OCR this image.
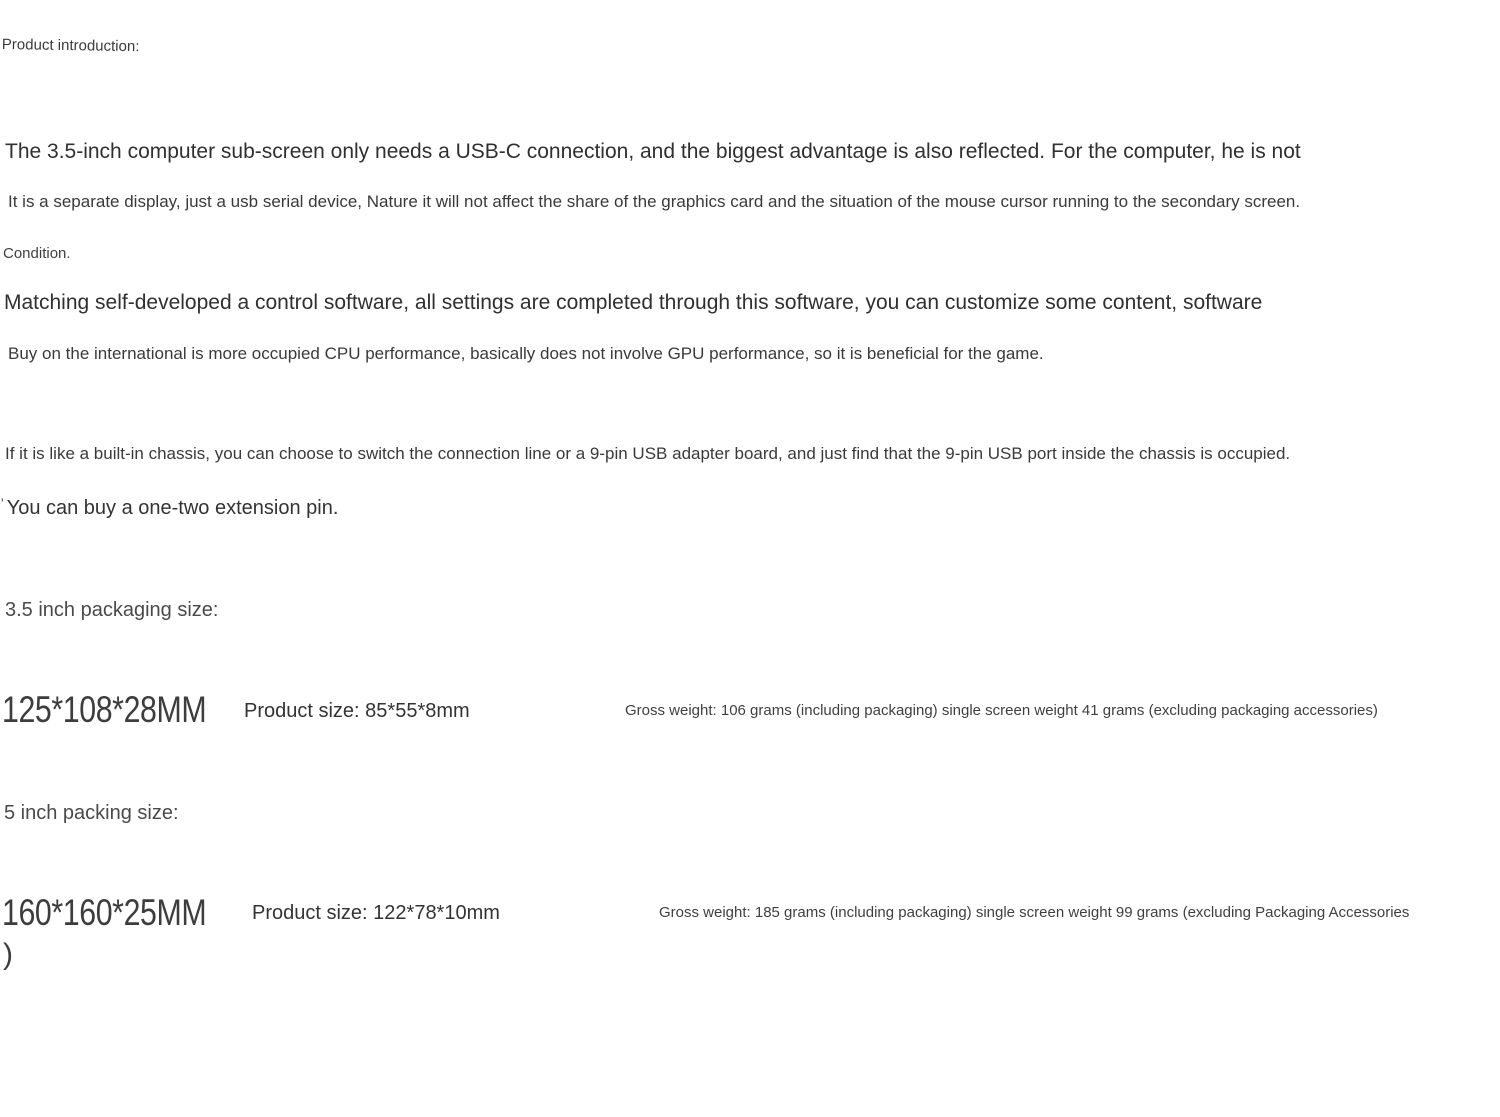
Product introduction:
The 3.5-inch computer sub-screen only needs a USB-C connection, and the biggest advantage is also reflected. For the computer, he is not
It is a separate display, just a usb serial device, Nature it will not affect the share of the graphics card and the situation of the mouse cursor running to the secondary screen.
Condition.
Matching self-developed a control software, all settings are completed through this software, you can customize some content, software
Buy on the international is more occupied CPU performance, basically does not involve GPU performance, so it is beneficial for the game.
If it is like a built-in chassis, you can choose to switch the connection line or a 9-pin USB adapter board, and just find that the 9-pin USB port inside the chassis is occupied.
' You can buy a one-two extension pin.
3.5 inch packaging size:
125*108*28MM Product size: 85*55*8mm	Gross weight: 106 grams (including packaging) single screen weight 41 grams (excluding packaging accessories)
5 inch packing size:
160*160*25MM Product size: 122*78*10mm	Gross weight: 185 grams (including packaging) single screen weight 99 grams (excluding Packaging Accessories
)
